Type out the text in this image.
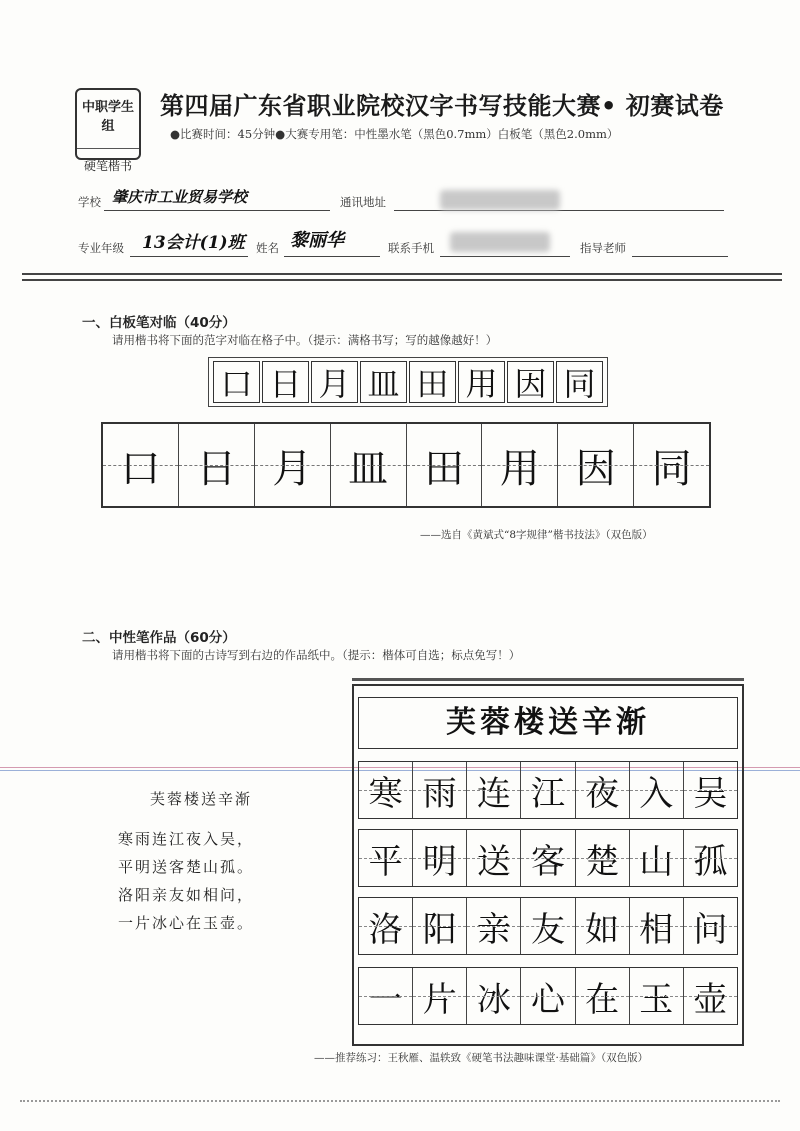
中职学生组
硬笔楷书
第四届广东省职业院校汉字书写技能大赛• 初赛试卷
●比赛时间：45分钟●大赛专用笔：中性墨水笔（黑色0.7mm）白板笔（黑色2.0mm）
学校 肇庆市工业贸易学校	通讯地址
专业年级 13会计(1)班 姓名 黎丽华	联系手机	指导老师
一、白板笔对临（40分）
请用楷书将下面的范字对临在格子中。（提示：满格书写；写的越像越好！）
口 日 月 皿 田 用 因 同
口 日 月 皿 田 用 因 同
——选自《黄斌式“8字规律”楷书技法》（双色版）
二、中性笔作品（60分）
请用楷书将下面的古诗写到右边的作品纸中。（提示：楷体可自选；标点免写！）
芙蓉楼送辛渐
寒雨连江夜入吴，
平明送客楚山孤。
洛阳亲友如相问，
一片冰心在玉壶。
芙蓉楼送辛渐
寒 雨 连 江 夜 入 吴
平 明 送 客 楚 山 孤
洛 阳 亲 友 如 相 问
一 片 冰 心 在 玉 壶
——推荐练习：王秋雁、温轶致《硬笔书法趣味课堂·基础篇》（双色版）
